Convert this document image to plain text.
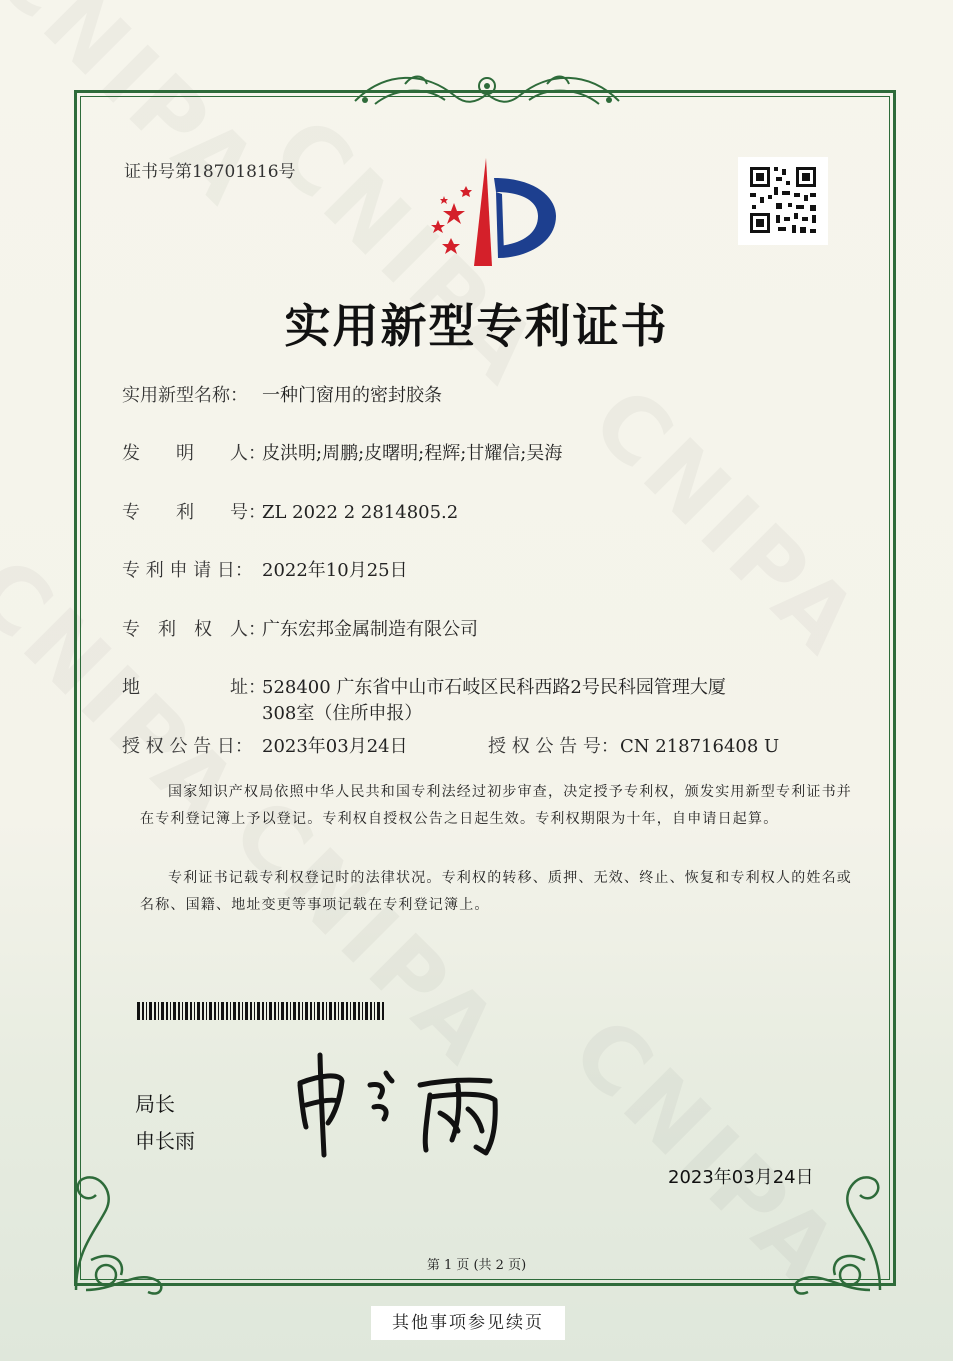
证书号第18701816号
实用新型专利证书
实用新型名称： 一种门窗用的密封胶条
发　　明　　人：皮洪明;周鹏;皮曙明;程辉;甘耀信;吴海
专　　利　　号：ZL 2022 2 2814805.2
专 利 申 请 日： 2022年10月25日
专　利　权　人：广东宏邦金属制造有限公司
地　　　　　址：528400 广东省中山市石岐区民科西路2号民科园管理大厦
308室（住所申报）
授 权 公 告 日： 2023年03月24日	授 权 公 告 号：CN 218716408 U
国家知识产权局依照中华人民共和国专利法经过初步审查，决定授予专利权，颁发实用新型专利证书并在专利登记簿上予以登记。专利权自授权公告之日起生效。专利权期限为十年，自申请日起算。
专利证书记载专利权登记时的法律状况。专利权的转移、质押、无效、终止、恢复和专利权人的姓名或名称、国籍、地址变更等事项记载在专利登记簿上。
局长
申长雨
2023年03月24日
第 1 页 (共 2 页)
其他事项参见续页
